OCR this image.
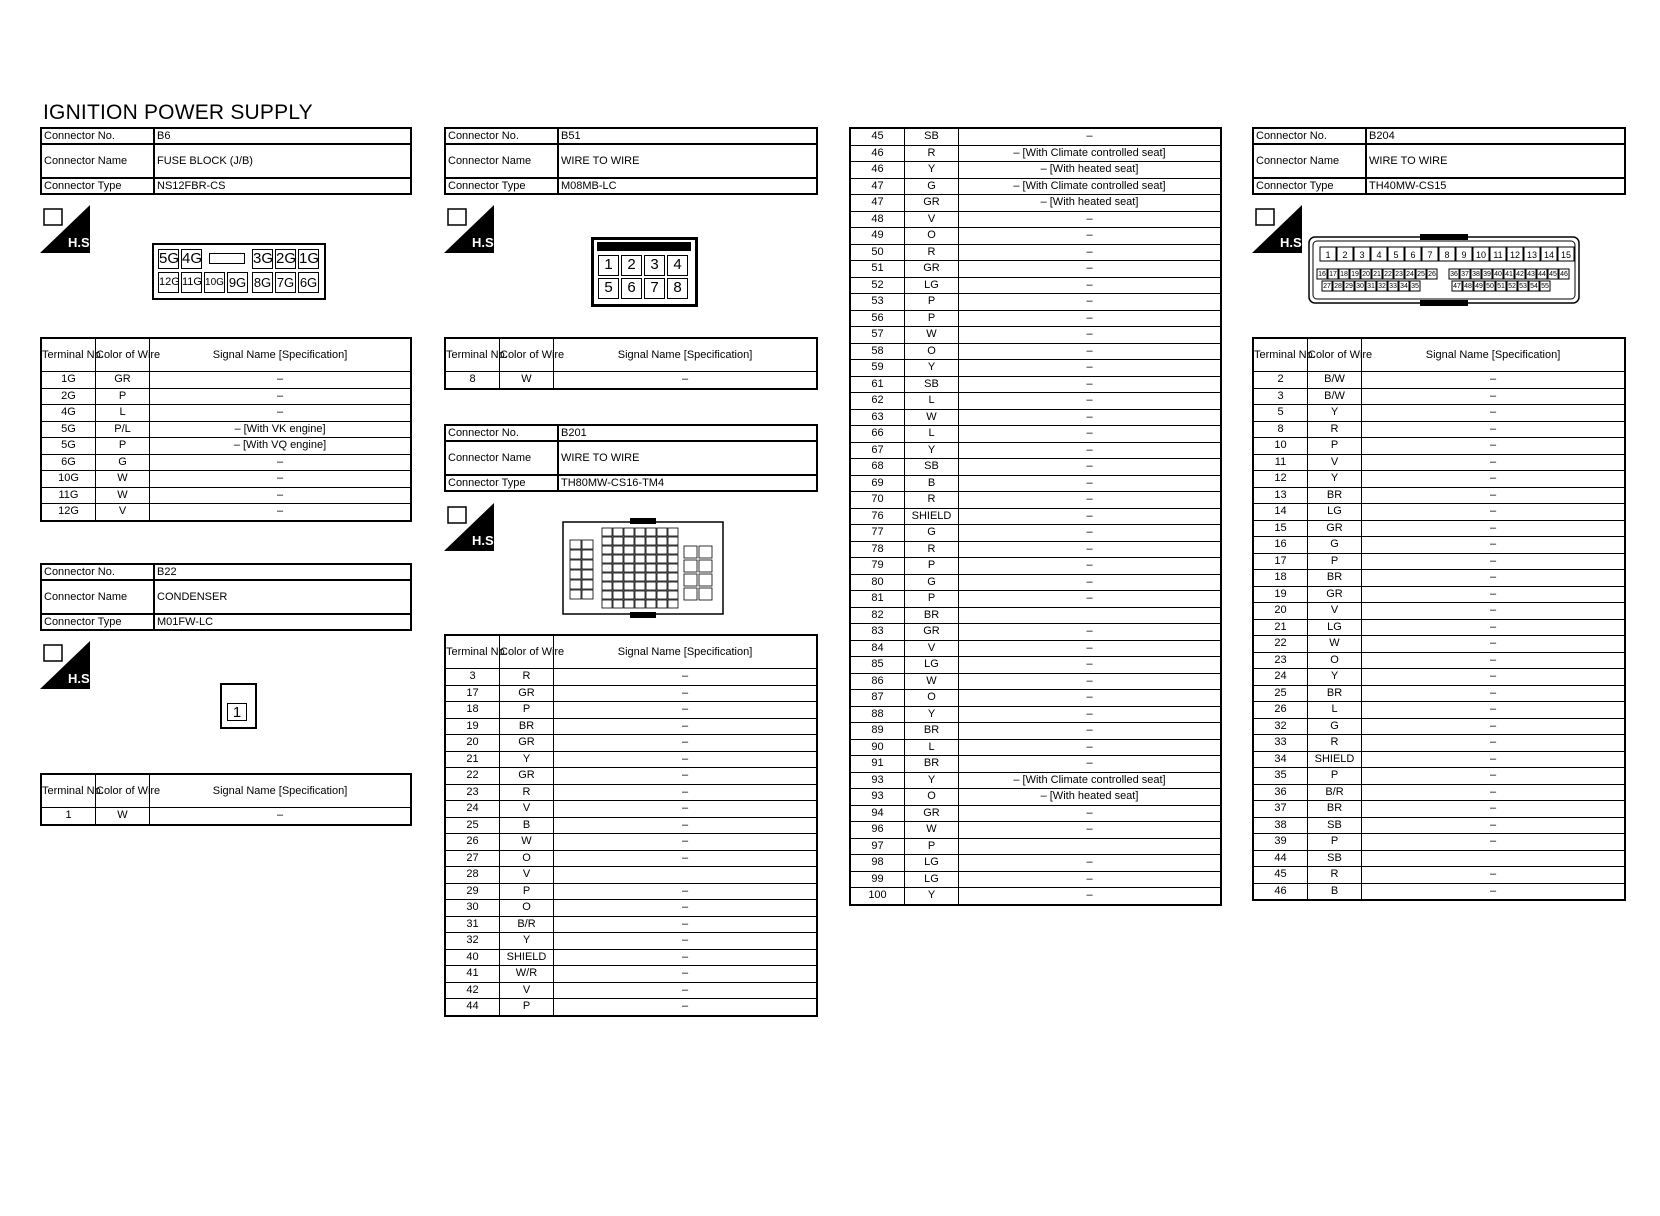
IGNITION POWER SUPPLY
Connector No.	B6
Connector Name	FUSE BLOCK (J/B)
Connector Type	NS12FBR-CS
H.S.
5G 4G	3G 2G 1G
12G 11G 10G 9G 8G 7G 6G
Terminal No.	Color of Wire	Signal Name [Specification]
1G	GR	–
2G	P	–
4G	L	–
5G	P/L	– [With VK engine]
5G	P	– [With VQ engine]
6G	G	–
10G	W	–
11G	W	–
12G	V	–
Connector No.	B22
Connector Name	CONDENSER
Connector Type	M01FW-LC
H.S.
1
Terminal No.	Color of Wire	Signal Name [Specification]
1	W	–
Connector No.	B51
Connector Name	WIRE TO WIRE
Connector Type	M08MB-LC
H.S.
1 2 3 4
5 6 7 8
Terminal No.	Color of Wire	Signal Name [Specification]
8	W	–
Connector No.	B201
Connector Name	WIRE TO WIRE
Connector Type	TH80MW-CS16-TM4
H.S.
Terminal No.	Color of Wire	Signal Name [Specification]
3	R	–
17	GR	–
18	P	–
19	BR	–
20	GR	–
21	Y	–
22	GR	–
23	R	–
24	V	–
25	B	–
26	W	–
27	O	–
28	V	
29	P	–
30	O	–
31	B/R	–
32	Y	–
40	SHIELD	–
41	W/R	–
42	V	–
44	P	–
45	SB	–
46	R	– [With Climate controlled seat]
46	Y	– [With heated seat]
47	G	– [With Climate controlled seat]
47	GR	– [With heated seat]
48	V	–
49	O	–
50	R	–
51	GR	–
52	LG	–
53	P	–
56	P	–
57	W	–
58	O	–
59	Y	–
61	SB	–
62	L	–
63	W	–
66	L	–
67	Y	–
68	SB	–
69	B	–
70	R	–
76	SHIELD	–
77	G	–
78	R	–
79	P	–
80	G	–
81	P	–
82	BR	
83	GR	–
84	V	–
85	LG	–
86	W	–
87	O	–
88	Y	–
89	BR	–
90	L	–
91	BR	–
93	Y	– [With Climate controlled seat]
93	O	– [With heated seat]
94	GR	–
96	W	–
97	P	
98	LG	–
99	LG	–
100	Y	–
Connector No.	B204
Connector Name	WIRE TO WIRE
Connector Type	TH40MW-CS15
H.S.
1 2 3 4 5 6 7 8 9 10 11 12 13 14 15
16 17 18 19 20 21 22 23 24 25 26 36 37 38 39 40 41 42 43 44 45 46
27 28 29 30 31 32 33 34 35	47 48 49 50 51 52 53 54 55
Terminal No.	Color of Wire	Signal Name [Specification]
2	B/W	–
3	B/W	–
5	Y	–
8	R	–
10	P	–
11	V	–
12	Y	–
13	BR	–
14	LG	–
15	GR	–
16	G	–
17	P	–
18	BR	–
19	GR	–
20	V	–
21	LG	–
22	W	–
23	O	–
24	Y	–
25	BR	–
26	L	–
32	G	–
33	R	–
34	SHIELD	–
35	P	–
36	B/R	–
37	BR	–
38	SB	–
39	P	–
44	SB	
45	R	–
46	B	–
